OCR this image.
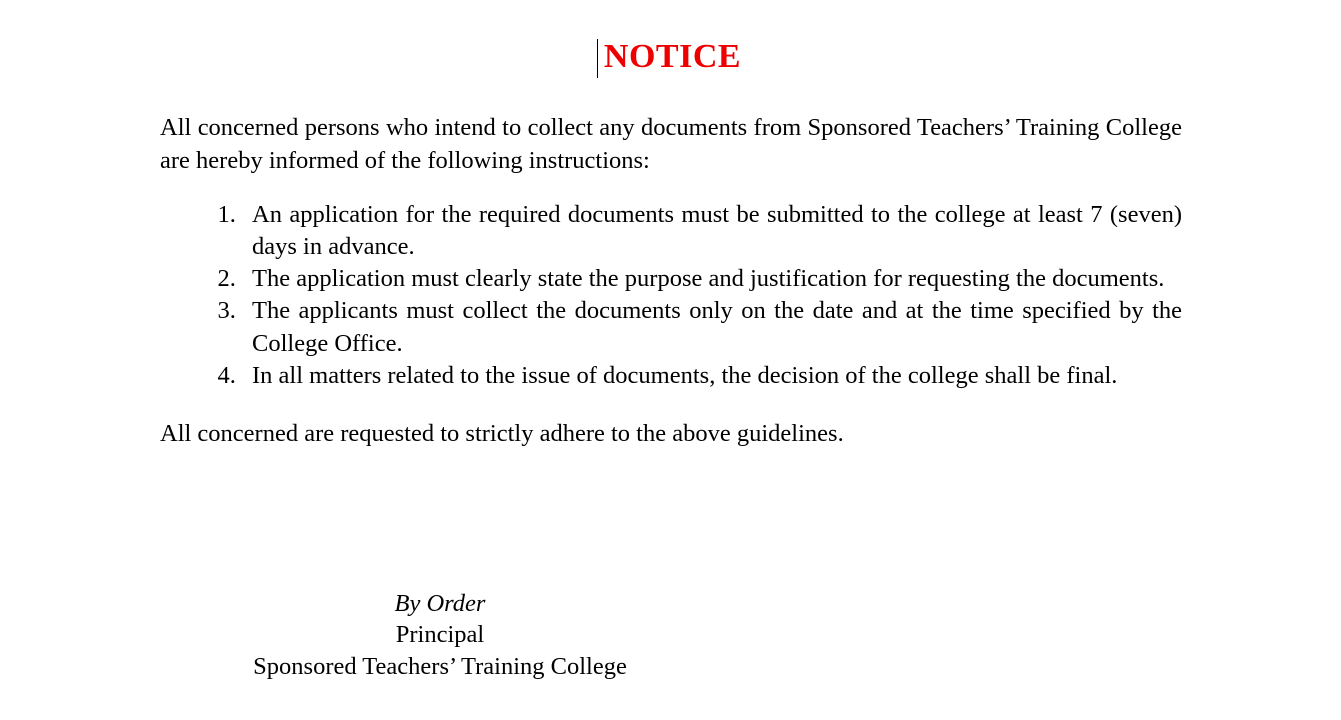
NOTICE

All concerned persons who intend to collect any documents from Sponsored Teachers’ Training College are hereby informed of the following instructions:

1. An application for the required documents must be submitted to the college at least 7 (seven) days in advance.
2. The application must clearly state the purpose and justification for requesting the documents.
3. The applicants must collect the documents only on the date and at the time specified by the College Office.
4. In all matters related to the issue of documents, the decision of the college shall be final.

All concerned are requested to strictly adhere to the above guidelines.

By Order
Principal
Sponsored Teachers’ Training College
